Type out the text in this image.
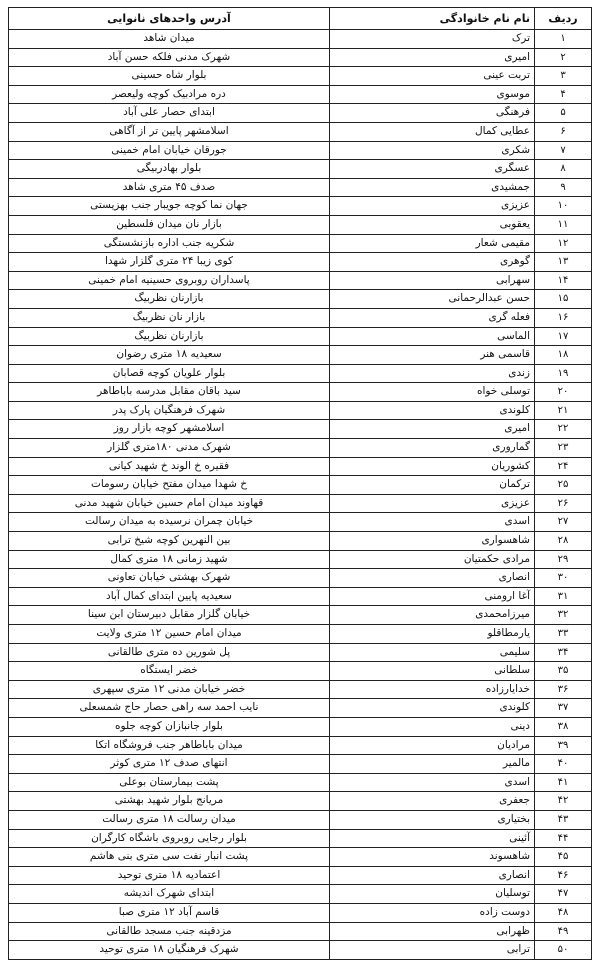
ردیف	نام نام خانوادگی	آدرس واحدهای نانوایی
۱	ترک	میدان شاهد
۲	امیری	شهرک مدنی فلکه حسن آباد
۳	تربت عینی	بلوار شاه حسینی
۴	موسوی	دره مرادبیک کوچه ولیعصر
۵	فرهنگی	ابتدای حصار علی آباد
۶	عطایی کمال	اسلامشهر پایین تر از آگاهی
۷	شکری	جورقان خیابان امام خمینی
۸	عسگری	بلوار بهادربیگی
۹	جمشیدی	صدف ۴۵ متری شاهد
۱۰	عزیزی	جهان نما کوچه جویبار جنب بهزیستی
۱۱	یعقوبی	بازار نان میدان فلسطین
۱۲	مقیمی شعار	شکریه جنب اداره بازنشستگی
۱۳	گوهری	کوی زیبا ۲۴ متری گلزار شهدا
۱۴	سهرابی	پاسداران روبروی حسینیه امام خمینی
۱۵	حسن عبدالرحمانی	بازارنان نظربیگ
۱۶	فعله گری	بازار نان نظربیگ
۱۷	الماسی	بازارنان نظربیگ
۱۸	قاسمی هنر	سعیدیه ۱۸ متری رضوان
۱۹	زندی	بلوار علویان کوچه قصابان
۲۰	توسلی خواه	سید باقان مقابل مدرسه باباطاهر
۲۱	کلوندی	شهرک فرهنگیان پارک پدر
۲۲	امیری	اسلامشهر کوچه بازار روز
۲۳	گماروری	شهرک مدنی ۱۸۰متری گلزار
۲۴	کشوریان	فقیره خ الوند خ شهید کیانی
۲۵	ترکمان	خ شهدا میدان مفتح خیابان رسومات
۲۶	عزیزی	قهاوند میدان امام حسین خیابان شهید مدنی
۲۷	اسدی	خیابان چمران نرسیده به میدان رسالت
۲۸	شاهسواری	بین النهرین کوچه شیخ ترابی
۲۹	مرادی حکمتیان	شهید زمانی ۱۸ متری کمال
۳۰	انصاری	شهرک بهشتی خیابان تعاونی
۳۱	آغا ارومنی	سعیدیه پایین ابتدای کمال آباد
۳۲	میرزامحمدی	خیابان گلزار مقابل دبیرستان ابن سینا
۳۳	یارمطاقلو	میدان امام حسین ۱۲ متری ولایت
۳۴	سلیمی	پل شورین ده متری طالقانی
۳۵	سلطانی	خضر ایستگاه
۳۶	خدایارزاده	خضر خیابان مدنی ۱۲ متری سپهری
۳۷	کلوندی	نایب احمد سه راهی حصار حاج شمسعلی
۳۸	دینی	بلوار جانبازان کوچه جلوه
۳۹	مرادیان	میدان باباطاهر جنب فروشگاه اتکا
۴۰	مالمیر	انتهای صدف ۱۲ متری کوثر
۴۱	اسدی	پشت بیمارستان بوعلی
۴۲	جعفری	مریانج بلوار شهید بهشتی
۴۳	بختیاری	میدان رسالت ۱۸ متری رسالت
۴۴	آئینی	بلوار رجایی روبروی باشگاه کارگران
۴۵	شاهسوند	پشت انبار نفت سی متری بنی هاشم
۴۶	انصاری	اعتمادیه ۱۸ متری توحید
۴۷	توسلیان	ابتدای شهرک اندیشه
۴۸	دوست زاده	قاسم آباد ۱۲ متری صبا
۴۹	ظهرابی	مزدقینه جنب مسجد طالقانی
۵۰	ترابی	شهرک فرهنگیان ۱۸ متری توحید
